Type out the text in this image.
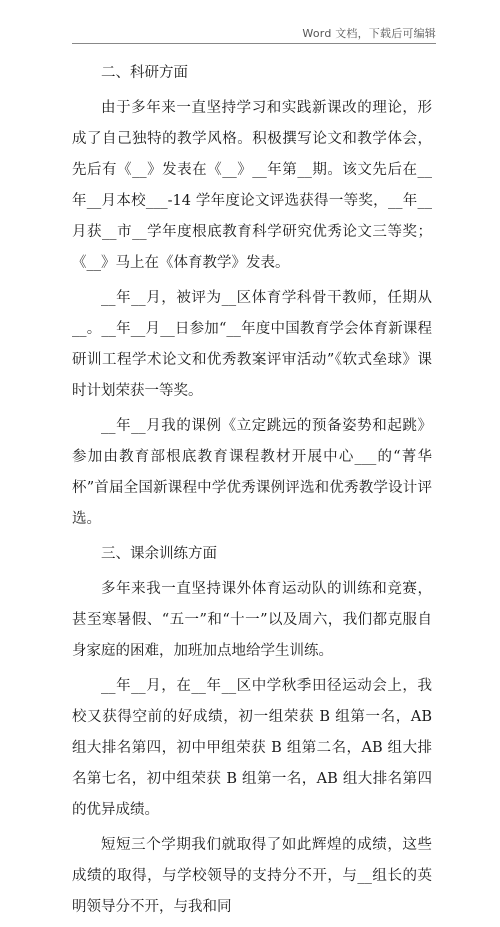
Word 文档，下载后可编辑

二、科研方面

由于多年来一直坚持学习和实践新课改的理论，形成了自己独特的教学风格。积极撰写论文和教学体会，先后有《__》发表在《__》__年第__期。该文先后在__年__月本校___-14 学年度论文评选获得一等奖，__年__月获__市__学年度根底教育科学研究优秀论文三等奖；《__》马上在《体育教学》发表。

__年__月，被评为__区体育学科骨干教师，任期从__。__年__月__日参加“__年度中国教育学会体育新课程研训工程学术论文和优秀教案评审活动”《软式垒球》课时计划荣获一等奖。

__年__月我的课例《立定跳远的预备姿势和起跳》参加由教育部根底教育课程教材开展中心___的“菁华杯”首届全国新课程中学优秀课例评选和优秀教学设计评选。

三、课余训练方面

多年来我一直坚持课外体育运动队的训练和竞赛，甚至寒暑假、“五一”和“十一”以及周六，我们都克服自身家庭的困难，加班加点地给学生训练。

__年__月，在__年__区中学秋季田径运动会上，我校又获得空前的好成绩，初一组荣获 B 组第一名，AB 组大排名第四，初中甲组荣获 B 组第二名，AB 组大排名第七名，初中组荣获 B 组第一名，AB 组大排名第四的优异成绩。

短短三个学期我们就取得了如此辉煌的成绩，这些成绩的取得，与学校领导的支持分不开，与__组长的英明领导分不开，与我和同
